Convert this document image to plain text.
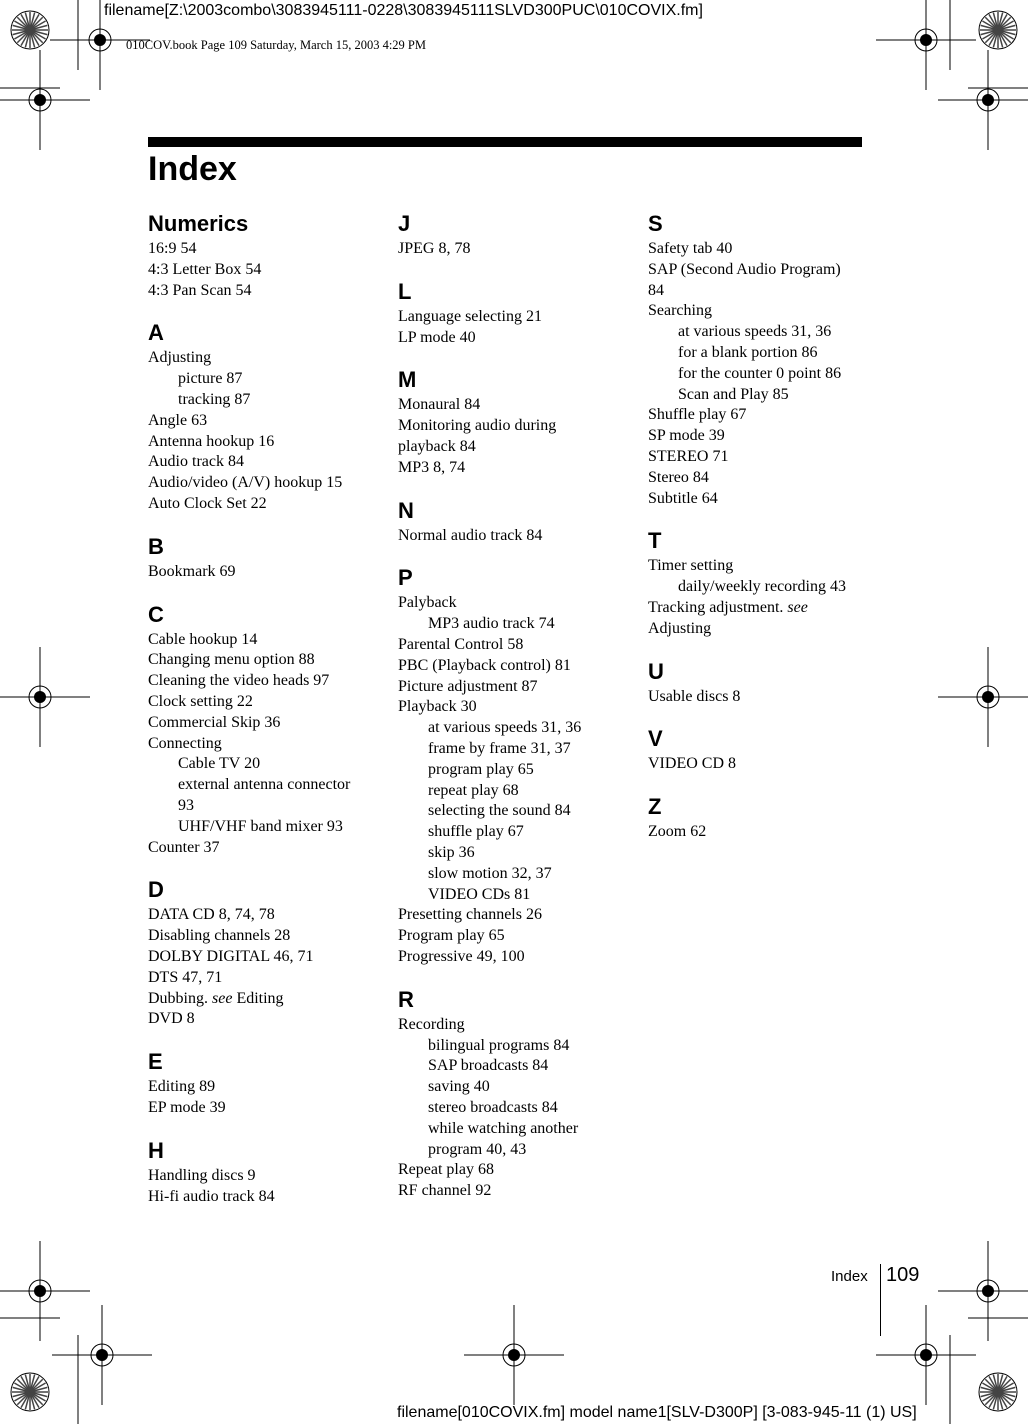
filename[Z:\2003combo\3083945111-0228\3083945111SLVD300PUC\010COVIX.fm]
010COV.book Page 109 Saturday, March 15, 2003 4:29 PM
Index
Numerics
16:9 54
4:3 Letter Box 54
4:3 Pan Scan 54
A
Adjusting
picture 87
tracking 87
Angle 63
Antenna hookup 16
Audio track 84
Audio/video (A/V) hookup 15
Auto Clock Set 22
B
Bookmark 69
C
Cable hookup 14
Changing menu option 88
Cleaning the video heads 97
Clock setting 22
Commercial Skip 36
Connecting
Cable TV 20
external antenna connector 93
UHF/VHF band mixer 93
Counter 37
D
DATA CD 8, 74, 78
Disabling channels 28
DOLBY DIGITAL 46, 71
DTS 47, 71
Dubbing. see Editing
DVD 8
E
Editing 89
EP mode 39
H
Handling discs 9
Hi-fi audio track 84
J
JPEG 8, 78
L
Language selecting 21
LP mode 40
M
Monaural 84
Monitoring audio during playback 84
MP3 8, 74
N
Normal audio track 84
P
Palyback
MP3 audio track 74
Parental Control 58
PBC (Playback control) 81
Picture adjustment 87
Playback 30
at various speeds 31, 36
frame by frame 31, 37
program play 65
repeat play 68
selecting the sound 84
shuffle play 67
skip 36
slow motion 32, 37
VIDEO CDs 81
Presetting channels 26
Program play 65
Progressive 49, 100
R
Recording
bilingual programs 84
SAP broadcasts 84
saving 40
stereo broadcasts 84
while watching another program 40, 43
Repeat play 68
RF channel 92
S
Safety tab 40
SAP (Second Audio Program) 84
Searching
at various speeds 31, 36
for a blank portion 86
for the counter 0 point 86
Scan and Play 85
Shuffle play 67
SP mode 39
STEREO 71
Stereo 84
Subtitle 64
T
Timer setting
daily/weekly recording 43
Tracking adjustment. see Adjusting
U
Usable discs 8
V
VIDEO CD 8
Z
Zoom 62
Index 109
filename[010COVIX.fm] model name1[SLV-D300P] [3-083-945-11 (1) US]
